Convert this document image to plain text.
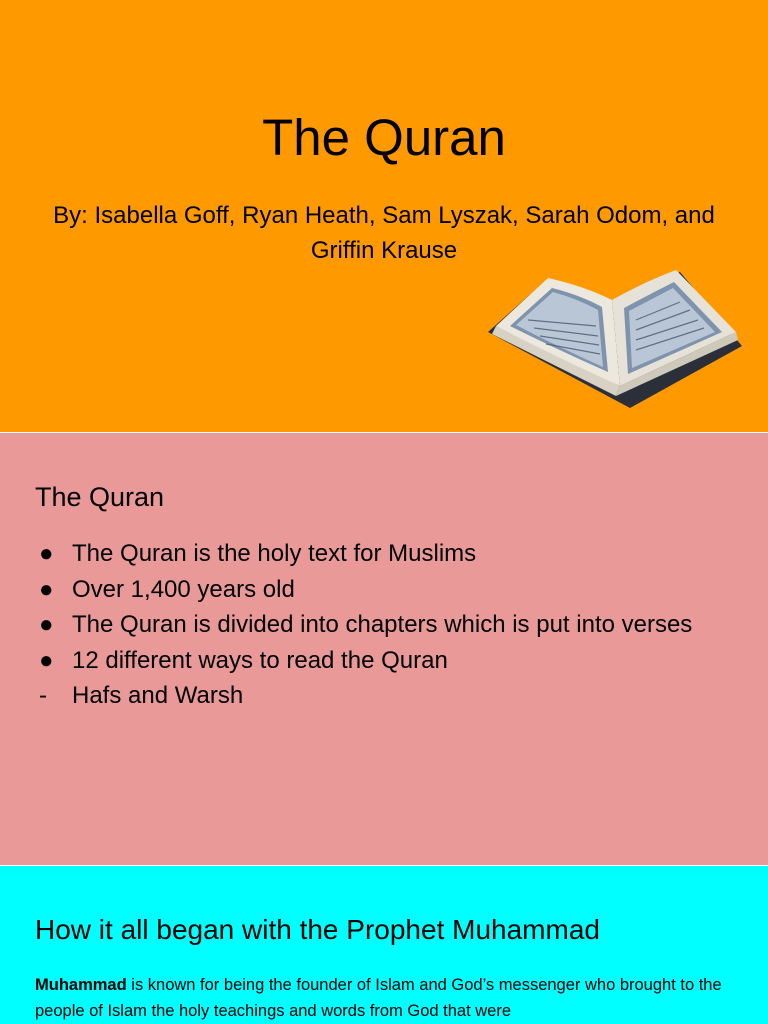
The Quran
By: Isabella Goff, Ryan Heath, Sam Lyszak, Sarah Odom, and Griffin Krause
The Quran
● The Quran is the holy text for Muslims
● Over 1,400 years old
● The Quran is divided into chapters which is put into verses
● 12 different ways to read the Quran
- Hafs and Warsh
How it all began with the Prophet Muhammad
Muhammad is known for being the founder of Islam and God’s messenger who brought to the people of Islam the holy teachings and words from God that were
